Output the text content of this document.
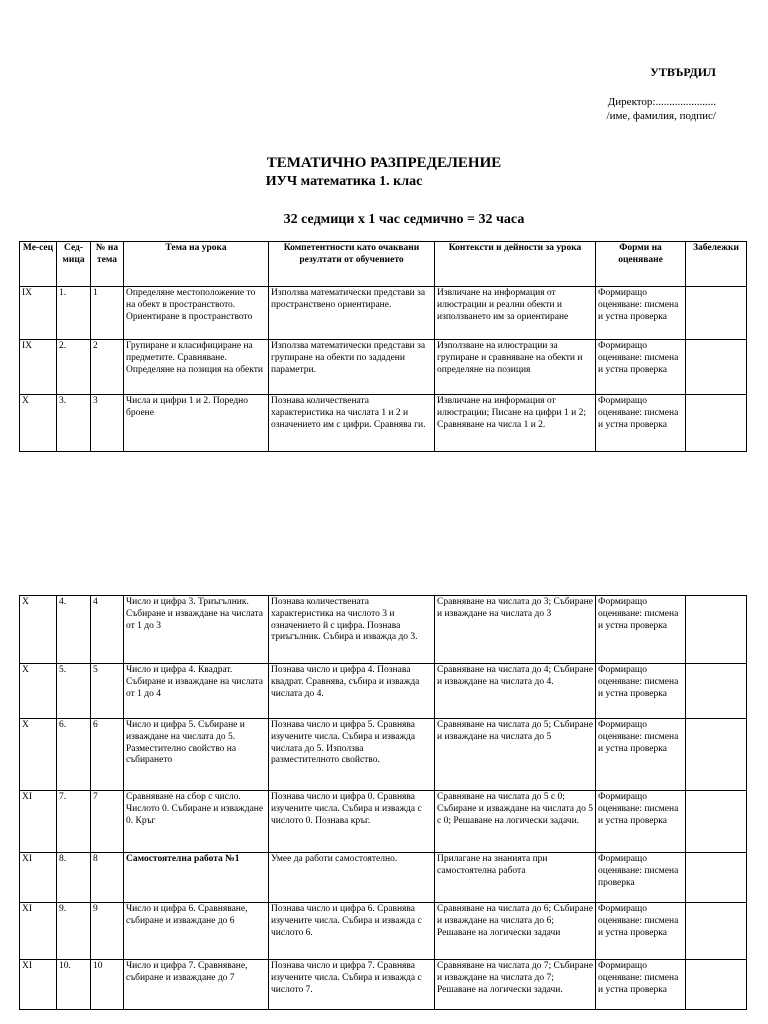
УТВЪРДИЛ
Директор:......................
/име, фамилия, подпис/
ТЕМАТИЧНО РАЗПРЕДЕЛЕНИЕ
ИУЧ математика 1. клас
32 седмици х 1 час седмично = 32 часа
Ме-сец	Сед-мица	№ на тема	Тема на урока	Компетентности като очаквани резултати от обучението	Контексти и дейности за урока	Форми на оценяване	Забележки
IX	1.	1	Определяне местоположение то на обект в пространството. Ориентиране в пространството	Използва математически представи за пространствено ориентиране.	Извличане на информация от илюстрации и реални обекти и използването им за ориентиране	Формиращо оценяване: писмена и устна проверка	
IX	2.	2	Групиране и класифициране на предметите. Сравняване. Определяне на позиция на обекти	Използва математически представи за групиране на обекти по зададени параметри.	Използване на илюстрации за групиране и сравняване на обекти и определяне на позиция	Формиращо оценяване: писмена и устна проверка	
X	3.	3	Числа и цифри 1 и 2. Поредно броене	Познава количествената характеристика на числата 1 и 2 и означението им с цифри. Сравнява ги.	Извличане на информация от илюстрации; Писане на цифри 1 и 2; Сравняване на числа 1 и 2.	Формиращо оценяване: писмена и устна проверка	
X	4.	4	Число и цифра 3. Триъгълник. Събиране и изваждане на числата от 1 до 3	Познава количествената характеристика на числото 3 и означението й с цифра. Познава триъгълник. Събира и изважда до 3.	Сравняване на числата до 3; Събиране и изваждане на числата до 3	Формиращо оценяване: писмена и устна проверка	
X	5.	5	Число и цифра 4. Квадрат. Събиране и изваждане на числата от 1 до 4	Познава число и цифра 4. Познава квадрат. Сравнява, събира и изважда числата до 4.	Сравняване на числата до 4; Събиране и изваждане на числата до 4.	Формиращо оценяване: писмена и устна проверка	
X	6.	6	Число и цифра 5. Събиране и изваждане на числата до 5. Разместително свойство на събирането	Познава число и цифра 5. Сравнява изучените числа. Събира и изважда числата до 5. Използва разместителното свойство.	Сравняване на числата до 5; Събиране и изваждане на числата до 5	Формиращо оценяване: писмена и устна проверка	
XI	7.	7	Сравняване на сбор с число. Числото 0. Събиране и изваждане 0. Кръг	Познава число и цифра 0. Сравнява изучените числа. Събира и изважда с числото 0. Познава кръг.	Сравняване на числата до 5 с 0; Събиране и изваждане на числата до 5 с 0; Решаване на логически задачи.	Формиращо оценяване: писмена и устна проверка	
XI	8.	8	Самостоятелна работа №1	Умее да работи самостоятелно.	Прилагане на знанията при самостоятелна работа	Формиращо оценяване: писмена проверка	
XI	9.	9	Число и цифра 6. Сравняване, събиране и изваждане до 6	Познава число и цифра 6. Сравнява изучените числа. Събира и изважда с числото 6.	Сравняване на числата до 6; Събиране и изваждане на числата до 6; Решаване на логически задачи	Формиращо оценяване: писмена и устна проверка	
XI	10.	10	Число и цифра 7. Сравняване, събиране и изваждане до 7	Познава число и цифра 7. Сравнява изучените числа. Събира и изважда с числото 7.	Сравняване на числата до 7; Събиране и изваждане на числата до 7; Решаване на логически задачи.	Формиращо оценяване: писмена и устна проверка	
